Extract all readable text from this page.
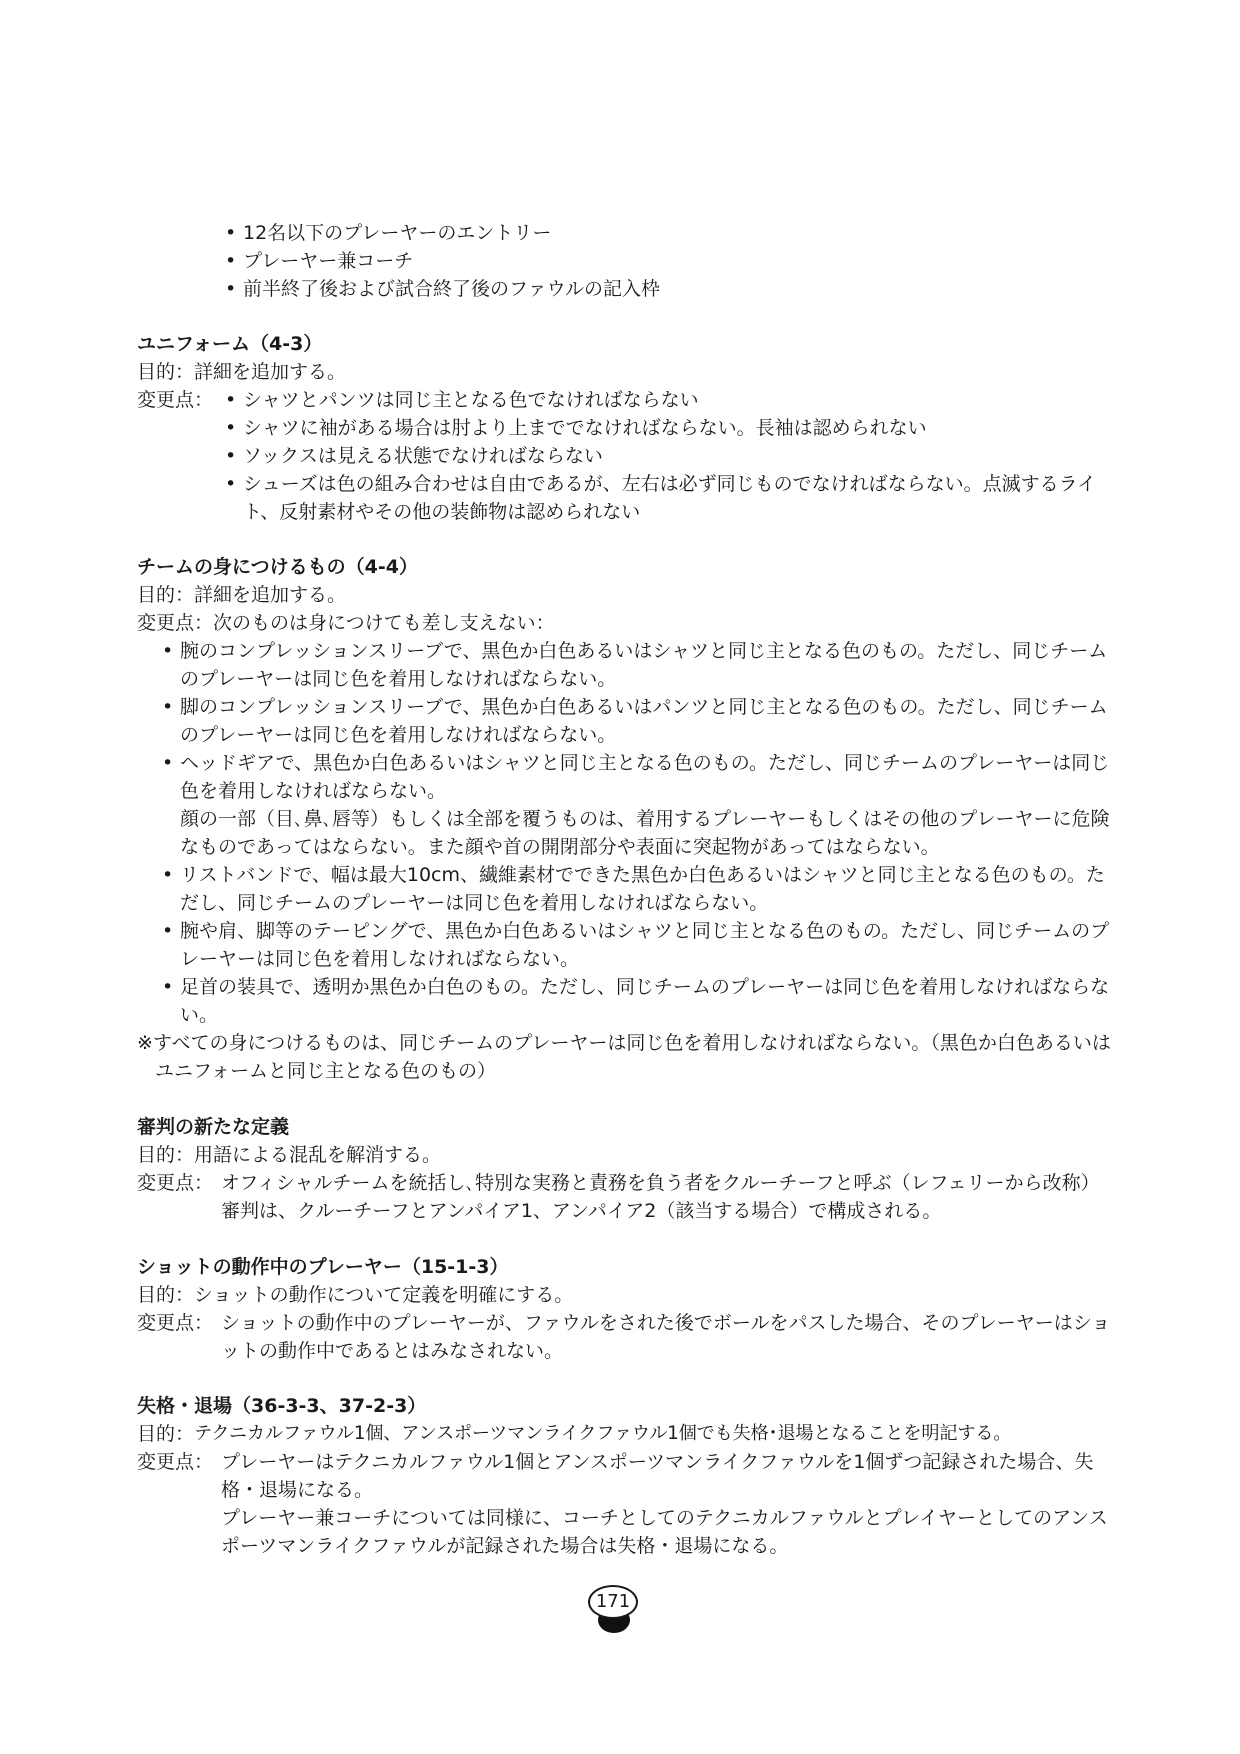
• 12名以下のプレーヤーのエントリー
• プレーヤー兼コーチ
• 前半終了後および試合終了後のファウルの記入枠
ユニフォーム（4-3）
目的： 詳細を追加する。
変更点： • シャツとパンツは同じ主となる色でなければならない
• シャツに袖がある場合は肘より上まででなければならない。長袖は認められない
• ソックスは見える状態でなければならない
• シューズは色の組み合わせは自由であるが、左右は必ず同じものでなければならない。点滅するライト、反射素材やその他の装飾物は認められない
チームの身につけるもの（4-4）
目的： 詳細を追加する。
変更点： 次のものは身につけても差し支えない：
• 腕のコンプレッションスリーブで、黒色か白色あるいはシャツと同じ主となる色のもの。ただし、同じチームのプレーヤーは同じ色を着用しなければならない。
• 脚のコンプレッションスリーブで、黒色か白色あるいはパンツと同じ主となる色のもの。ただし、同じチームのプレーヤーは同じ色を着用しなければならない。
• ヘッドギアで、黒色か白色あるいはシャツと同じ主となる色のもの。ただし、同じチームのプレーヤーは同じ色を着用しなければならない。
顔の一部（目､鼻､唇等）もしくは全部を覆うものは、着用するプレーヤーもしくはその他のプレーヤーに危険なものであってはならない。また顔や首の開閉部分や表面に突起物があってはならない。
• リストバンドで、幅は最大10cm、繊維素材でできた黒色か白色あるいはシャツと同じ主となる色のもの。ただし、同じチームのプレーヤーは同じ色を着用しなければならない。
• 腕や肩、脚等のテーピングで、黒色か白色あるいはシャツと同じ主となる色のもの。ただし、同じチームのプレーヤーは同じ色を着用しなければならない。
• 足首の装具で、透明か黒色か白色のもの。ただし、同じチームのプレーヤーは同じ色を着用しなければならない。
※すべての身につけるものは、同じチームのプレーヤーは同じ色を着用しなければならない。（黒色か白色あるいはユニフォームと同じ主となる色のもの）
審判の新たな定義
目的： 用語による混乱を解消する。
変更点： オフィシャルチームを統括し､特別な実務と責務を負う者をクルーチーフと呼ぶ（レフェリーから改称）
審判は、クルーチーフとアンパイア1、アンパイア2（該当する場合）で構成される。
ショットの動作中のプレーヤー（15-1-3）
目的： ショットの動作について定義を明確にする。
変更点： ショットの動作中のプレーヤーが、ファウルをされた後でボールをパスした場合、そのプレーヤーはショットの動作中であるとはみなされない。
失格・退場（36-3-3、37-2-3）
目的： テクニカルファウル1個、アンスポーツマンライクファウル1個でも失格･退場となることを明記する。
変更点： プレーヤーはテクニカルファウル1個とアンスポーツマンライクファウルを1個ずつ記録された場合、失格・退場になる。
プレーヤー兼コーチについては同様に、コーチとしてのテクニカルファウルとプレイヤーとしてのアンスポーツマンライクファウルが記録された場合は失格・退場になる。
171
